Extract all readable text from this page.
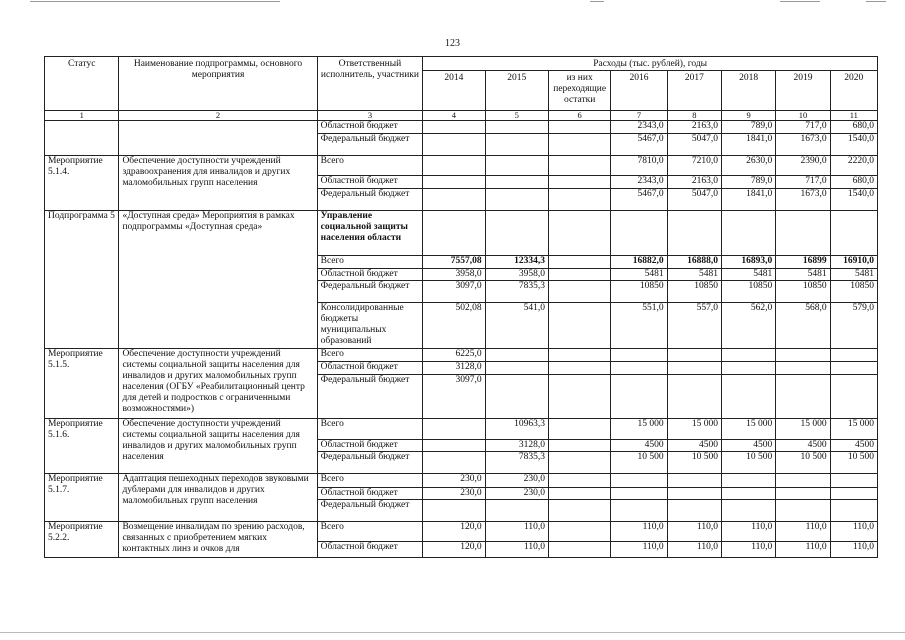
123
Статус	Наименование подпрограммы, основного мероприятия	Ответственный исполнитель, участники	Расходы (тыс. рублей), годы							
			2014	2015	из них переходящие остатки	2016	2017	2018	2019	2020
1	2	3	4	5	6	7	8	9	10	11
		Областной бюджет				2343,0	2163,0	789,0	717,0	680,0
		Федеральный бюджет				5467,0	5047,0	1841,0	1673,0	1540,0
Мероприятие 5.1.4.	Обеспечение доступности учреждений здравоохранения для инвалидов и других маломобильных групп населения	Всего				7810,0	7210,0	2630,0	2390,0	2220,0
		Областной бюджет				2343,0	2163,0	789,0	717,0	680,0
		Федеральный бюджет				5467,0	5047,0	1841,0	1673,0	1540,0
Подпрограмма 5	«Доступная среда» Мероприятия в рамках подпрограммы «Доступная среда»	Управление социальной защиты населения области								
		Всего	7557,08	12334,3		16882,0	16888,0	16893,0	16899	16910,0
		Областной бюджет	3958,0	3958,0		5481	5481	5481	5481	5481
		Федеральный бюджет	3097,0	7835,3		10850	10850	10850	10850	10850
		Консолидированные бюджеты муниципальных образований	502,08	541,0		551,0	557,0	562,0	568,0	579,0
Мероприятие 5.1.5.	Обеспечение доступности учреждений системы социальной защиты населения для инвалидов и других маломобильных групп населения (ОГБУ «Реабилитационный центр для детей и подростков с ограниченными возможностями»)	Всего	6225,0							
		Областной бюджет	3128,0							
		Федеральный бюджет	3097,0							
Мероприятие 5.1.6.	Обеспечение доступности учреждений системы социальной защиты населения для инвалидов и других маломобильных групп населения	Всего		10963,3		15 000	15 000	15 000	15 000	15 000
		Областной бюджет		3128,0		4500	4500	4500	4500	4500
		Федеральный бюджет		7835,3		10 500	10 500	10 500	10 500	10 500
Мероприятие 5.1.7.	Адаптация пешеходных переходов звуковыми дублерами для инвалидов и других маломобильных групп населения	Всего	230,0	230,0						
		Областной бюджет	230,0	230,0						
		Федеральный бюджет								
Мероприятие 5.2.2.	Возмещение инвалидам по зрению расходов, связанных с приобретением мягких контактных линз и очков для	Всего	120,0	110,0		110,0	110,0	110,0	110,0	110,0
		Областной бюджет	120,0	110,0		110,0	110,0	110,0	110,0	110,0
